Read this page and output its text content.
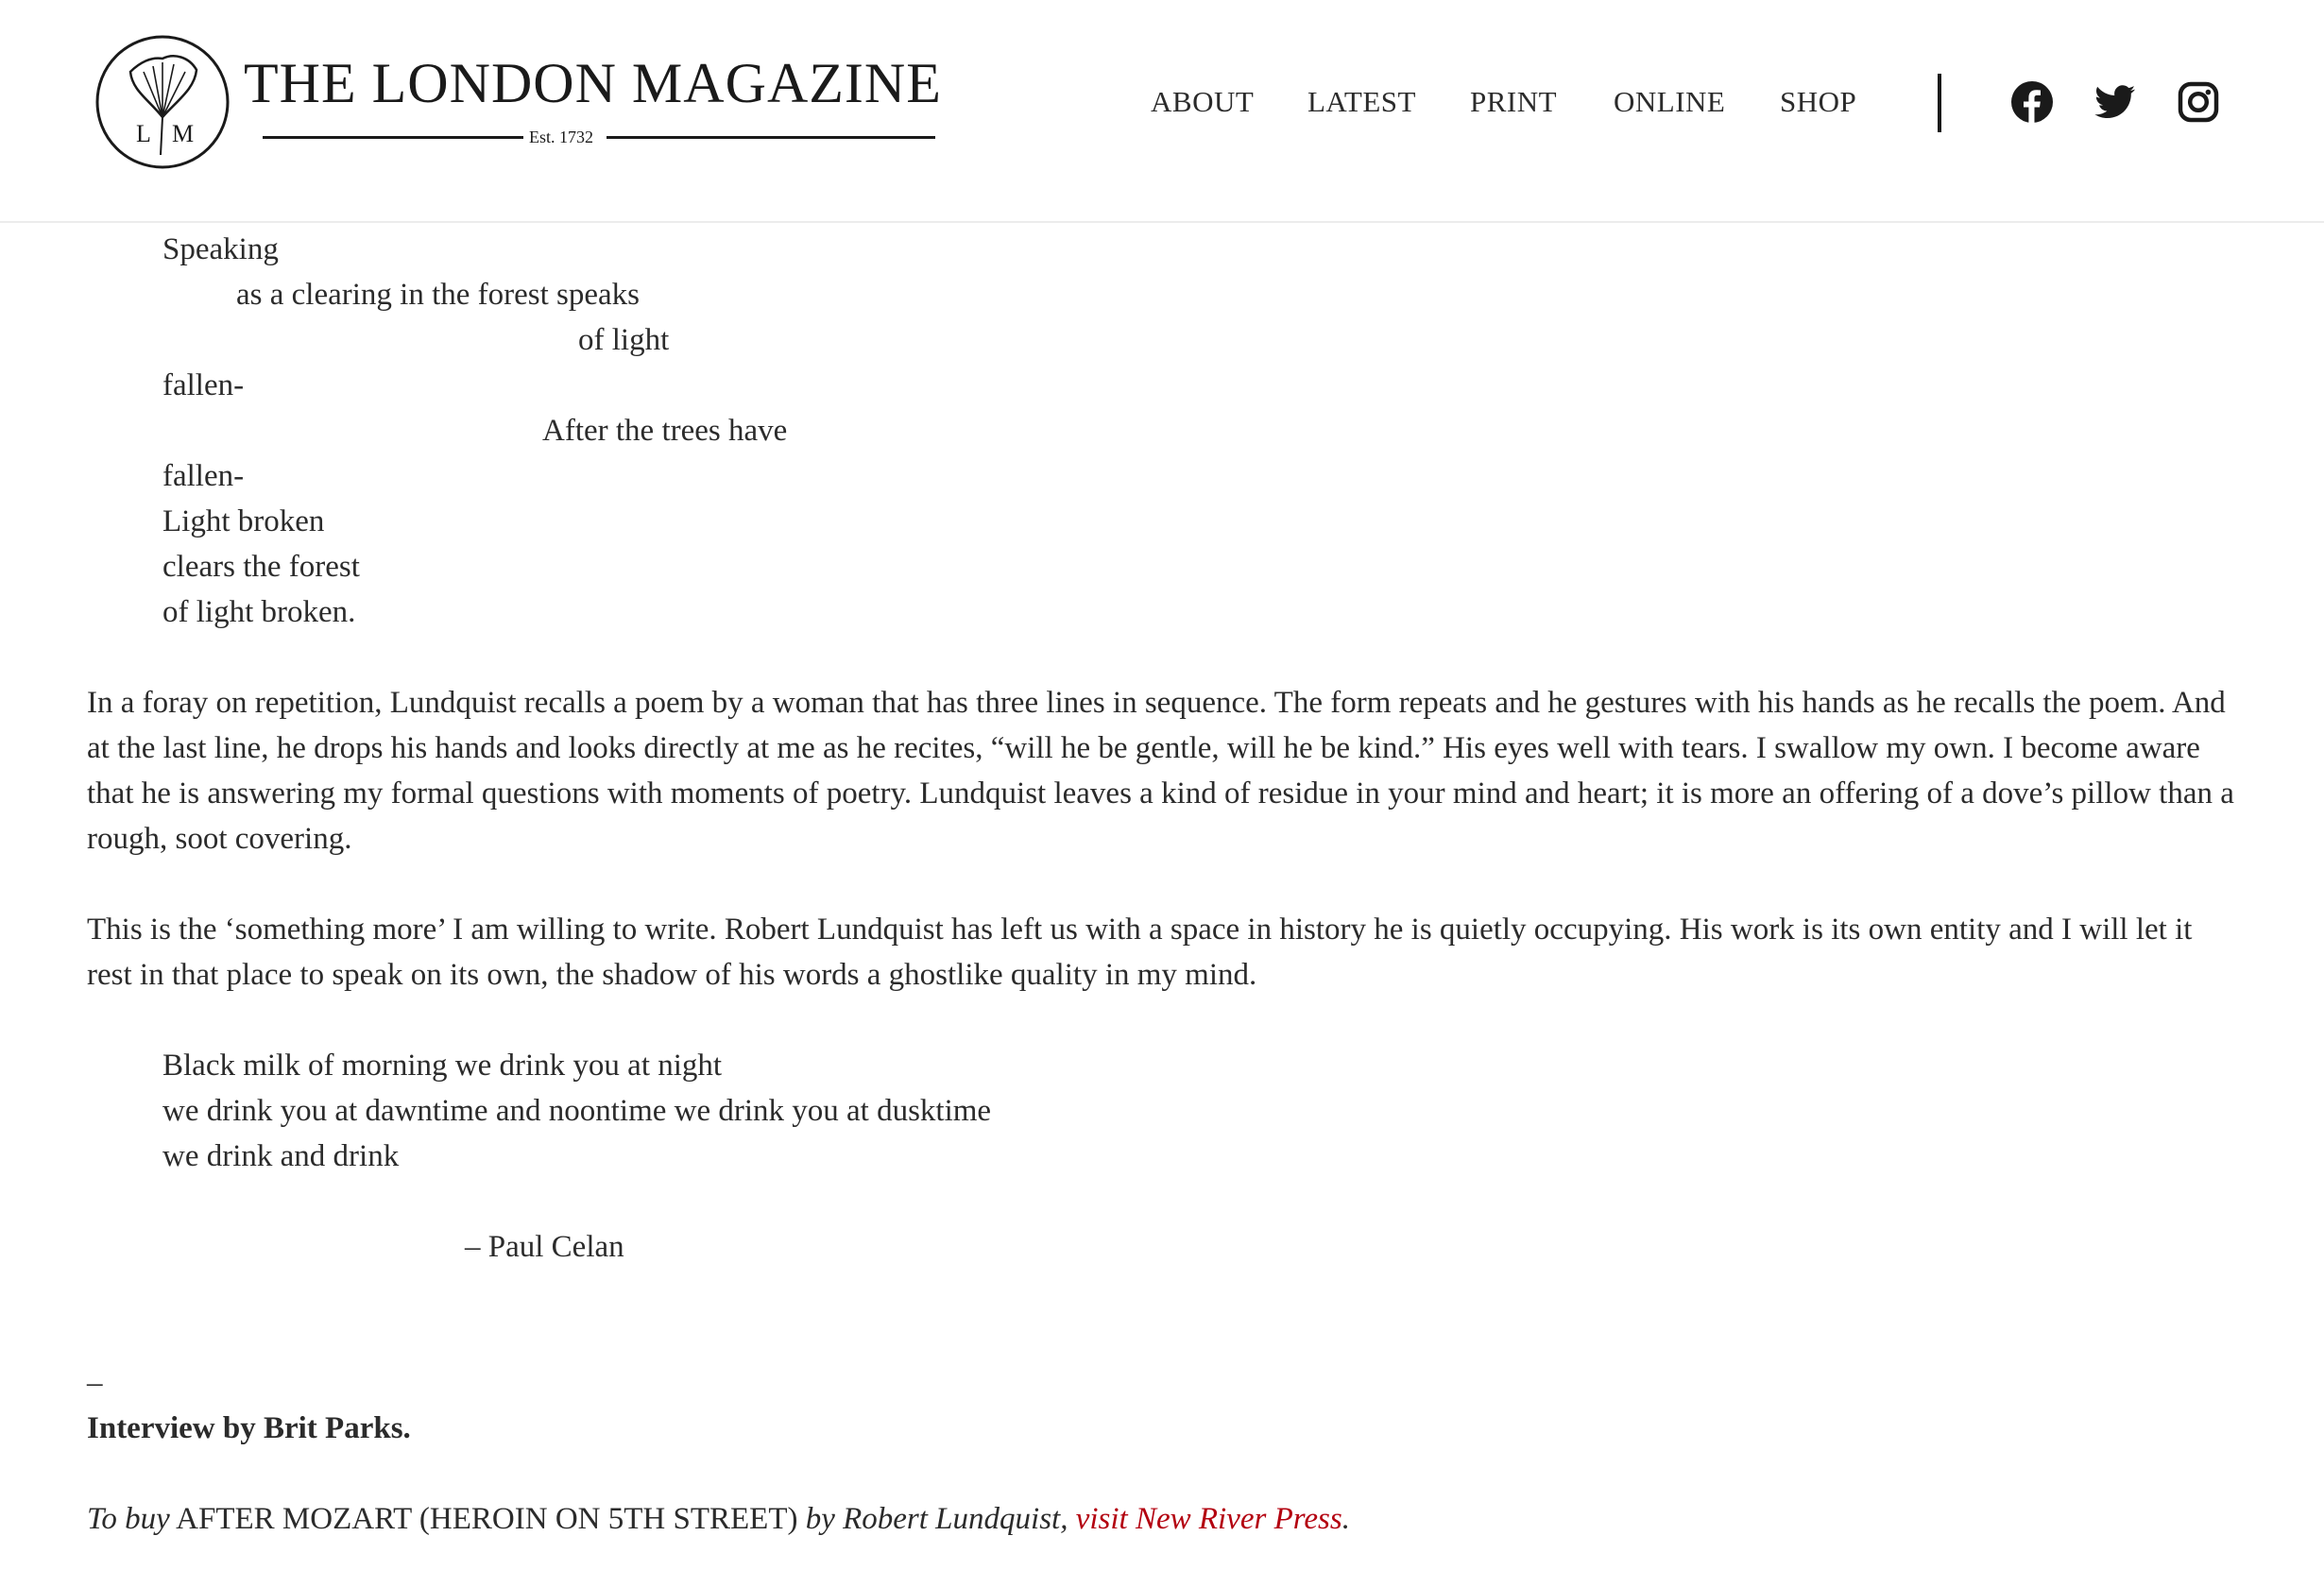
L M
THE LONDON MAGAZINE
Est. 1732
ABOUT LATEST PRINT ONLINE SHOP
Speaking
as a clearing in the forest speaks
of light
fallen-
After the trees have
fallen-
Light broken
clears the forest
of light broken.

In a foray on repetition, Lundquist recalls a poem by a woman that has three lines in sequence. The form repeats and he gestures with his hands as he recalls the poem. And at the last line, he drops his hands and looks directly at me as he recites, “will he be gentle, will he be kind.” His eyes well with tears. I swallow my own. I become aware that he is answering my formal questions with moments of poetry. Lundquist leaves a kind of residue in your mind and heart; it is more an offering of a dove’s pillow than a rough, soot covering.

This is the ‘something more’ I am willing to write. Robert Lundquist has left us with a space in history he is quietly occupying. His work is its own entity and I will let it rest in that place to speak on its own, the shadow of his words a ghostlike quality in my mind.

Black milk of morning we drink you at night
we drink you at dawntime and noontime we drink you at dusktime
we drink and drink
– Paul Celan
–
Interview by Brit Parks.
To buy AFTER MOZART (HEROIN ON 5TH STREET) by Robert Lundquist, visit New River Press.
